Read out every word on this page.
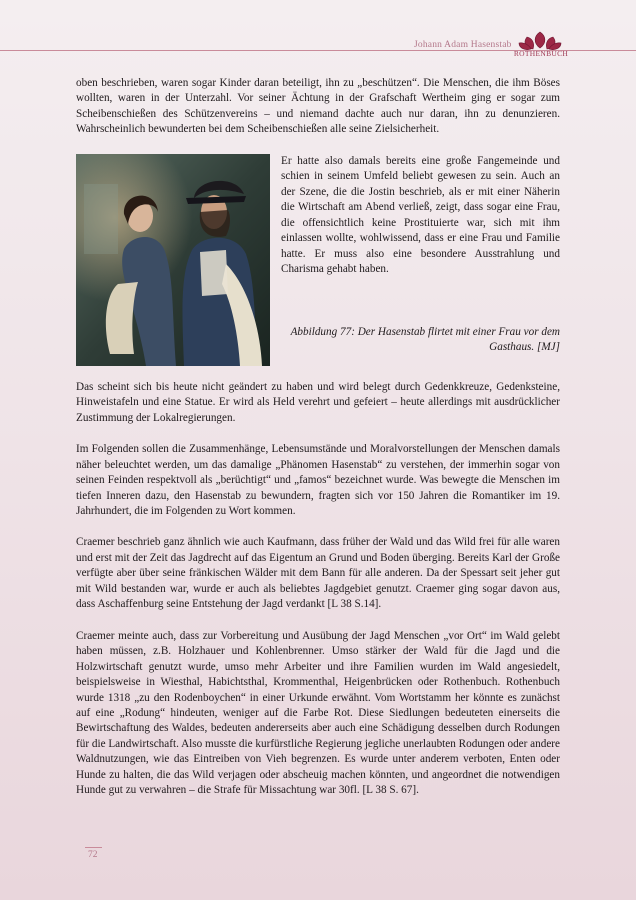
Johann Adam Hasenstab
ROTHENBUCH

oben beschrieben, waren sogar Kinder daran beteiligt, ihn zu „beschützen“. Die Menschen, die ihm Böses wollten, waren in der Unterzahl. Vor seiner Ächtung in der Grafschaft Wertheim ging er sogar zum Scheibenschießen des Schützenvereins – und niemand dachte auch nur daran, ihn zu denunzieren. Wahrscheinlich bewunderten bei dem Scheibenschießen alle seine Zielsicherheit.

Er hatte also damals bereits eine große Fangemeinde und schien in seinem Umfeld beliebt gewesen zu sein. Auch an der Szene, die die Jostin beschrieb, als er mit einer Näherin die Wirtschaft am Abend verließ, zeigt, dass sogar eine Frau, die offensichtlich keine Prostituierte war, sich mit ihm einlassen wollte, wohlwissend, dass er eine Frau und Familie hatte. Er muss also eine besondere Ausstrahlung und Charisma gehabt haben.

Abbildung 77: Der Hasenstab flirtet mit einer Frau vor dem Gasthaus. [MJ]

Das scheint sich bis heute nicht geändert zu haben und wird belegt durch Gedenkkreuze, Gedenksteine, Hinweistafeln und eine Statue. Er wird als Held verehrt und gefeiert – heute allerdings mit ausdrücklicher Zustimmung der Lokalregierungen.

Im Folgenden sollen die Zusammenhänge, Lebensumstände und Moralvorstellungen der Menschen damals näher beleuchtet werden, um das damalige „Phänomen Hasenstab“ zu verstehen, der immerhin sogar von seinen Feinden respektvoll als „berüchtigt“ und „famos“ bezeichnet wurde. Was bewegte die Menschen im tiefen Inneren dazu, den Hasenstab zu bewundern, fragten sich vor 150 Jahren die Romantiker im 19. Jahrhundert, die im Folgenden zu Wort kommen.

Craemer beschrieb ganz ähnlich wie auch Kaufmann, dass früher der Wald und das Wild frei für alle waren und erst mit der Zeit das Jagdrecht auf das Eigentum an Grund und Boden überging. Bereits Karl der Große verfügte aber über seine fränkischen Wälder mit dem Bann für alle anderen. Da der Spessart seit jeher gut mit Wild bestanden war, wurde er auch als beliebtes Jagdgebiet genutzt. Craemer ging sogar davon aus, dass Aschaffenburg seine Entstehung der Jagd verdankt [L 38 S.14].

Craemer meinte auch, dass zur Vorbereitung und Ausübung der Jagd Menschen „vor Ort“ im Wald gelebt haben müssen, z.B. Holzhauer und Kohlenbrenner. Umso stärker der Wald für die Jagd und die Holzwirtschaft genutzt wurde, umso mehr Arbeiter und ihre Familien wurden im Wald angesiedelt, beispielsweise in Wiesthal, Habichtsthal, Krommenthal, Heigenbrücken oder Rothenbuch. Rothenbuch wurde 1318 „zu den Rodenboychen“ in einer Urkunde erwähnt. Vom Wortstamm her könnte es zunächst auf eine „Rodung“ hindeuten, weniger auf die Farbe Rot. Diese Siedlungen bedeuteten einerseits die Bewirtschaftung des Waldes, bedeuten andererseits aber auch eine Schädigung desselben durch Rodungen für die Landwirtschaft. Also musste die kurfürstliche Regierung jegliche unerlaubten Rodungen oder andere Waldnutzungen, wie das Eintreiben von Vieh begrenzen. Es wurde unter anderem verboten, Enten oder Hunde zu halten, die das Wild verjagen oder abscheuig machen könnten, und angeordnet die notwendigen Hunde gut zu verwahren – die Strafe für Missachtung war 30fl. [L 38 S. 67].

72
